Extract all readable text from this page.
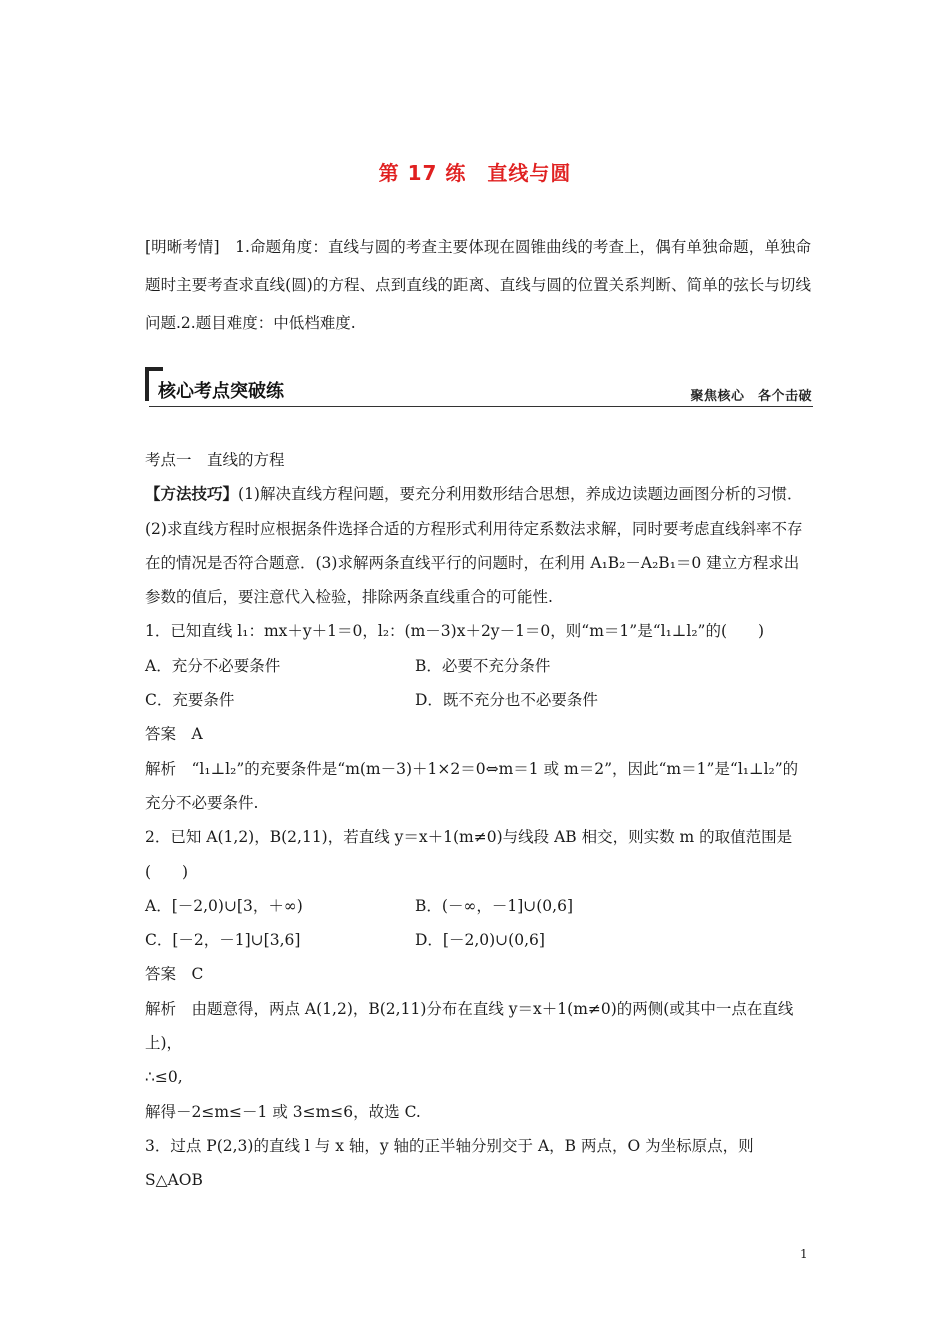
第 17 练　直线与圆
[明晰考情]　1.命题角度：直线与圆的考查主要体现在圆锥曲线的考查上，偶有单独命题，单独命题时主要考查求直线(圆)的方程、点到直线的距离、直线与圆的位置关系判断、简单的弦长与切线问题.2.题目难度：中低档难度.
核心考点突破练	聚焦核心　各个击破

考点一　直线的方程

【方法技巧】(1)解决直线方程问题，要充分利用数形结合思想，养成边读题边画图分析的习惯．(2)求直线方程时应根据条件选择合适的方程形式利用待定系数法求解，同时要考虑直线斜率不存在的情况是否符合题意．(3)求解两条直线平行的问题时，在利用 A₁B₂－A₂B₁＝0 建立方程求出参数的值后，要注意代入检验，排除两条直线重合的可能性.

1．已知直线 l₁：mx＋y＋1＝0，l₂：(m－3)x＋2y－1＝0，则“m＝1”是“l₁⊥l₂”的(　　)

A．充分不必要条件	B．必要不充分条件
C．充要条件	D．既不充分也不必要条件

答案　A

解析　“l₁⊥l₂”的充要条件是“m(m－3)＋1×2＝0⇔m＝1 或 m＝2”，因此“m＝1”是“l₁⊥l₂”的充分不必要条件.

2．已知 A(1,2)，B(2,11)，若直线 y＝x＋1(m≠0)与线段 AB 相交，则实数 m 的取值范围是(　　)

A．[－2,0)∪[3，＋∞)	B．(－∞，－1]∪(0,6]
C．[－2，－1]∪[3,6]	D．[－2,0)∪(0,6]

答案　C

解析　由题意得，两点 A(1,2)，B(2,11)分布在直线 y＝x＋1(m≠0)的两侧(或其中一点在直线上)，

∴≤0,

解得－2≤m≤－1 或 3≤m≤6，故选 C.

3．过点 P(2,3)的直线 l 与 x 轴，y 轴的正半轴分别交于 A，B 两点，O 为坐标原点，则 S△AOB

1
